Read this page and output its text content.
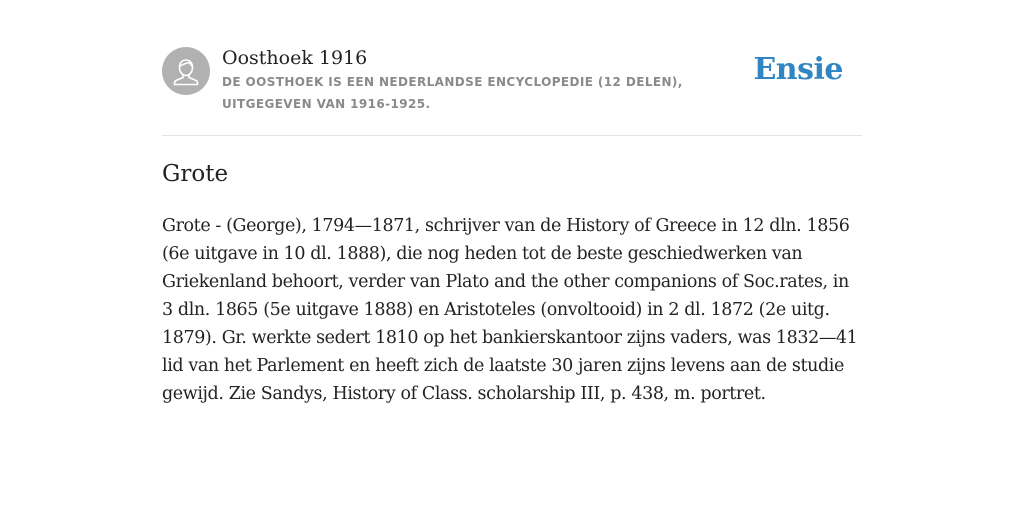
Oosthoek 1916

DE OOSTHOEK IS EEN NEDERLANDSE ENCYCLOPEDIE (12 DELEN), UITGEGEVEN VAN 1916-1925.

Ensie
Grote

Grote - (George), 1794—1871, schrijver van de History of Greece in 12 dln. 1856 (6e uitgave in 10 dl. 1888), die nog heden tot de beste geschiedwerken van Griekenland behoort, verder van Plato and the other companions of Soc.rates, in 3 dln. 1865 (5e uitgave 1888) en Aristoteles (onvoltooid) in 2 dl. 1872 (2e uitg. 1879). Gr. werkte sedert 1810 op het bankierskantoor zijns vaders, was 1832—41 lid van het Parlement en heeft zich de laatste 30 jaren zijns levens aan de studie gewijd. Zie Sandys, History of Class. scholarship III, p. 438, m. portret.
